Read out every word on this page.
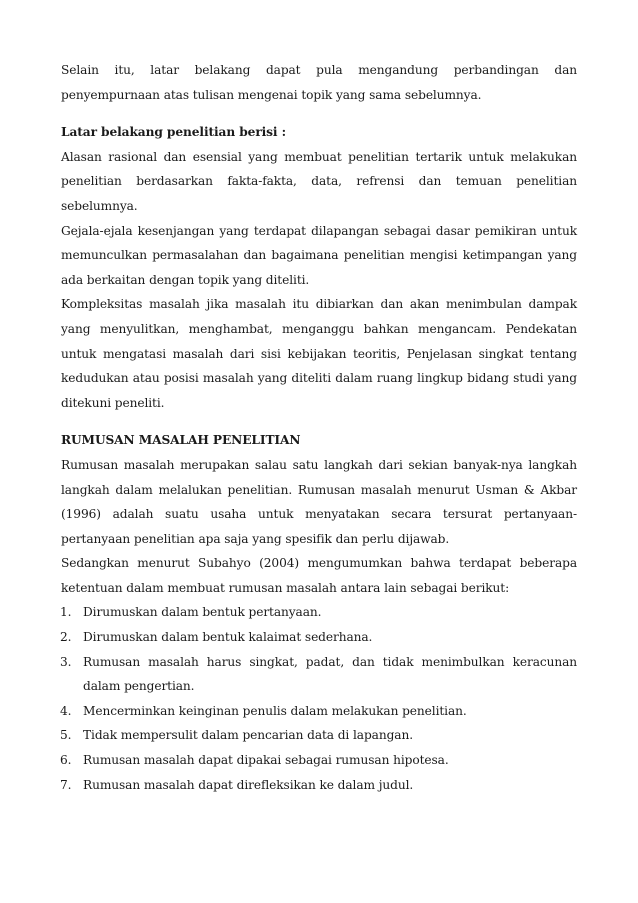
Selain itu, latar belakang dapat pula mengandung perbandingan dan penyempurnaan atas tulisan mengenai topik yang sama sebelumnya.

Latar belakang penelitian berisi :

Alasan rasional dan esensial yang membuat penelitian tertarik untuk melakukan penelitian berdasarkan fakta-fakta, data, refrensi dan temuan penelitian sebelumnya.

Gejala-ejala kesenjangan yang terdapat dilapangan sebagai dasar pemikiran untuk memunculkan permasalahan dan bagaimana penelitian mengisi ketimpangan yang ada berkaitan dengan topik yang diteliti.

Kompleksitas masalah jika masalah itu dibiarkan dan akan menimbulan dampak yang menyulitkan, menghambat, menganggu bahkan mengancam. Pendekatan untuk mengatasi masalah dari sisi kebijakan teoritis, Penjelasan singkat tentang kedudukan atau posisi masalah yang diteliti dalam ruang lingkup bidang studi yang ditekuni peneliti.

RUMUSAN MASALAH PENELITIAN

Rumusan masalah merupakan salau satu langkah dari sekian banyak-nya langkah langkah dalam melalukan penelitian. Rumusan masalah menurut Usman & Akbar (1996) adalah suatu usaha untuk menyatakan secara tersurat pertanyaan-pertanyaan penelitian apa saja yang spesifik dan perlu dijawab.

Sedangkan menurut Subahyo (2004) mengumumkan bahwa terdapat beberapa ketentuan dalam membuat rumusan masalah antara lain sebagai berikut:

1. Dirumuskan dalam bentuk pertanyaan.
2. Dirumuskan dalam bentuk kalaimat sederhana.
3. Rumusan masalah harus singkat, padat, dan tidak menimbulkan keracunan dalam pengertian.
4. Mencerminkan keinginan penulis dalam melakukan penelitian.
5. Tidak mempersulit dalam pencarian data di lapangan.
6. Rumusan masalah dapat dipakai sebagai rumusan hipotesa.
7. Rumusan masalah dapat direfleksikan ke dalam judul.
